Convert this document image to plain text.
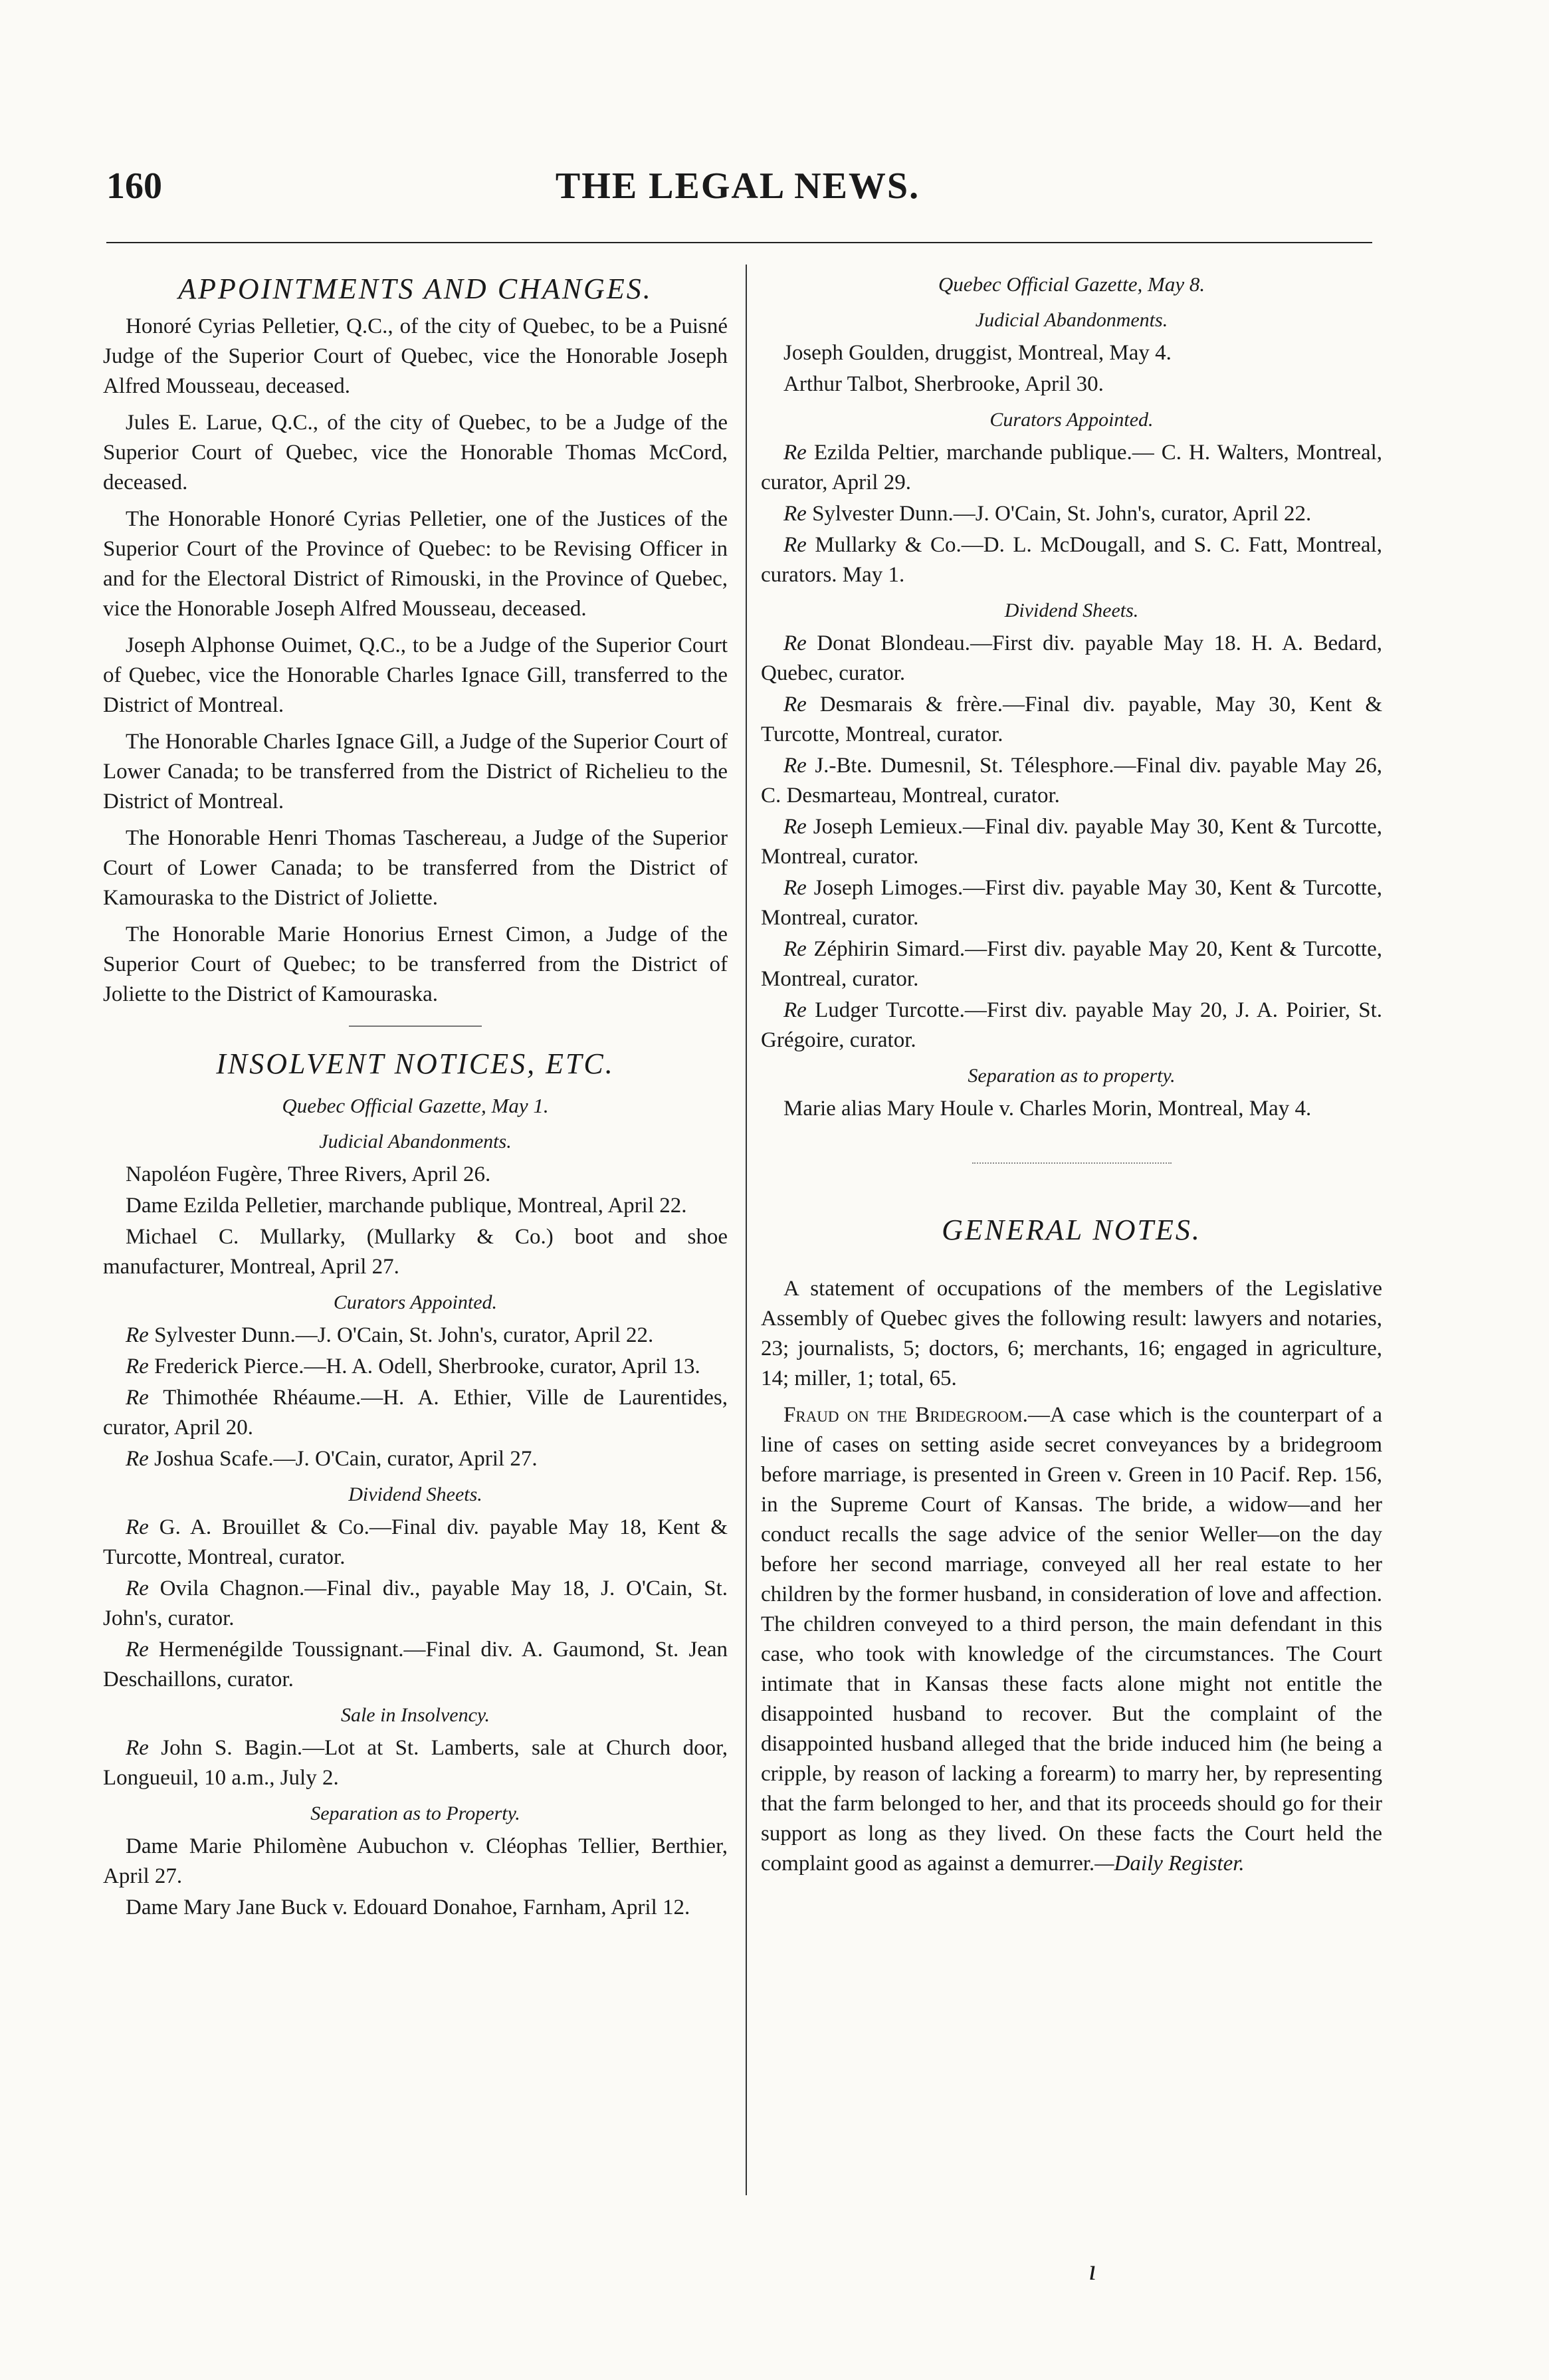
160	THE LEGAL NEWS.
APPOINTMENTS AND CHANGES.

Honoré Cyrias Pelletier, Q.C., of the city of Quebec, to be a Puisné Judge of the Superior Court of Quebec, vice the Honorable Joseph Alfred Mousseau, deceased.

Jules E. Larue, Q.C., of the city of Quebec, to be a Judge of the Superior Court of Quebec, vice the Honorable Thomas McCord, deceased.

The Honorable Honoré Cyrias Pelletier, one of the Justices of the Superior Court of the Province of Quebec: to be Revising Officer in and for the Electoral District of Rimouski, in the Province of Quebec, vice the Honorable Joseph Alfred Mousseau, deceased.

Joseph Alphonse Ouimet, Q.C., to be a Judge of the Superior Court of Quebec, vice the Honorable Charles Ignace Gill, transferred to the District of Montreal.

The Honorable Charles Ignace Gill, a Judge of the Superior Court of Lower Canada; to be transferred from the District of Richelieu to the District of Montreal.

The Honorable Henri Thomas Taschereau, a Judge of the Superior Court of Lower Canada; to be transferred from the District of Kamouraska to the District of Joliette.

The Honorable Marie Honorius Ernest Cimon, a Judge of the Superior Court of Quebec; to be transferred from the District of Joliette to the District of Kamouraska.

INSOLVENT NOTICES, ETC.
Quebec Official Gazette, May 1.
Judicial Abandonments.

Napoléon Fugère, Three Rivers, April 26.

Dame Ezilda Pelletier, marchande publique, Montreal, April 22.

Michael C. Mullarky, (Mullarky & Co.) boot and shoe manufacturer, Montreal, April 27.

Curators Appointed.

Re Sylvester Dunn.—J. O'Cain, St. John's, curator, April 22.

Re Frederick Pierce.—H. A. Odell, Sherbrooke, curator, April 13.

Re Thimothée Rhéaume.—H. A. Ethier, Ville de Laurentides, curator, April 20.

Re Joshua Scafe.—J. O'Cain, curator, April 27.

Dividend Sheets.

Re G. A. Brouillet & Co.—Final div. payable May 18, Kent & Turcotte, Montreal, curator.

Re Ovila Chagnon.—Final div., payable May 18, J. O'Cain, St. John's, curator.

Re Hermenégilde Toussignant.—Final div. A. Gaumond, St. Jean Deschaillons, curator.

Sale in Insolvency.

Re John S. Bagin.—Lot at St. Lamberts, sale at Church door, Longueuil, 10 a.m., July 2.

Separation as to Property.

Dame Marie Philomène Aubuchon v. Cléophas Tellier, Berthier, April 27.

Dame Mary Jane Buck v. Edouard Donahoe, Farnham, April 12.

Quebec Official Gazette, May 8.
Judicial Abandonments.

Joseph Goulden, druggist, Montreal, May 4.

Arthur Talbot, Sherbrooke, April 30.

Curators Appointed.

Re Ezilda Peltier, marchande publique.— C. H. Walters, Montreal, curator, April 29.

Re Sylvester Dunn.—J. O'Cain, St. John's, curator, April 22.

Re Mullarky & Co.—D. L. McDougall, and S. C. Fatt, Montreal, curators. May 1.

Dividend Sheets.

Re Donat Blondeau.—First div. payable May 18. H. A. Bedard, Quebec, curator.

Re Desmarais & frère.—Final div. payable, May 30, Kent & Turcotte, Montreal, curator.

Re J.-Bte. Dumesnil, St. Télesphore.—Final div. payable May 26, C. Desmarteau, Montreal, curator.

Re Joseph Lemieux.—Final div. payable May 30, Kent & Turcotte, Montreal, curator.

Re Joseph Limoges.—First div. payable May 30, Kent & Turcotte, Montreal, curator.

Re Zéphirin Simard.—First div. payable May 20, Kent & Turcotte, Montreal, curator.

Re Ludger Turcotte.—First div. payable May 20, J. A. Poirier, St. Grégoire, curator.

Separation as to property.

Marie alias Mary Houle v. Charles Morin, Montreal, May 4.

GENERAL NOTES.

A statement of occupations of the members of the Legislative Assembly of Quebec gives the following result: lawyers and notaries, 23; journalists, 5; doctors, 6; merchants, 16; engaged in agriculture, 14; miller, 1; total, 65.

Fraud on the Bridegroom.—A case which is the counterpart of a line of cases on setting aside secret conveyances by a bridegroom before marriage, is presented in Green v. Green in 10 Pacif. Rep. 156, in the Supreme Court of Kansas. The bride, a widow—and her conduct recalls the sage advice of the senior Weller—on the day before her second marriage, conveyed all her real estate to her children by the former husband, in consideration of love and affection. The children conveyed to a third person, the main defendant in this case, who took with knowledge of the circumstances. The Court intimate that in Kansas these facts alone might not entitle the disappointed husband to recover. But the complaint of the disappointed husband alleged that the bride induced him (he being a cripple, by reason of lacking a forearm) to marry her, by representing that the farm belonged to her, and that its proceeds should go for their support as long as they lived. On these facts the Court held the complaint good as against a demurrer.—Daily Register.

ı
